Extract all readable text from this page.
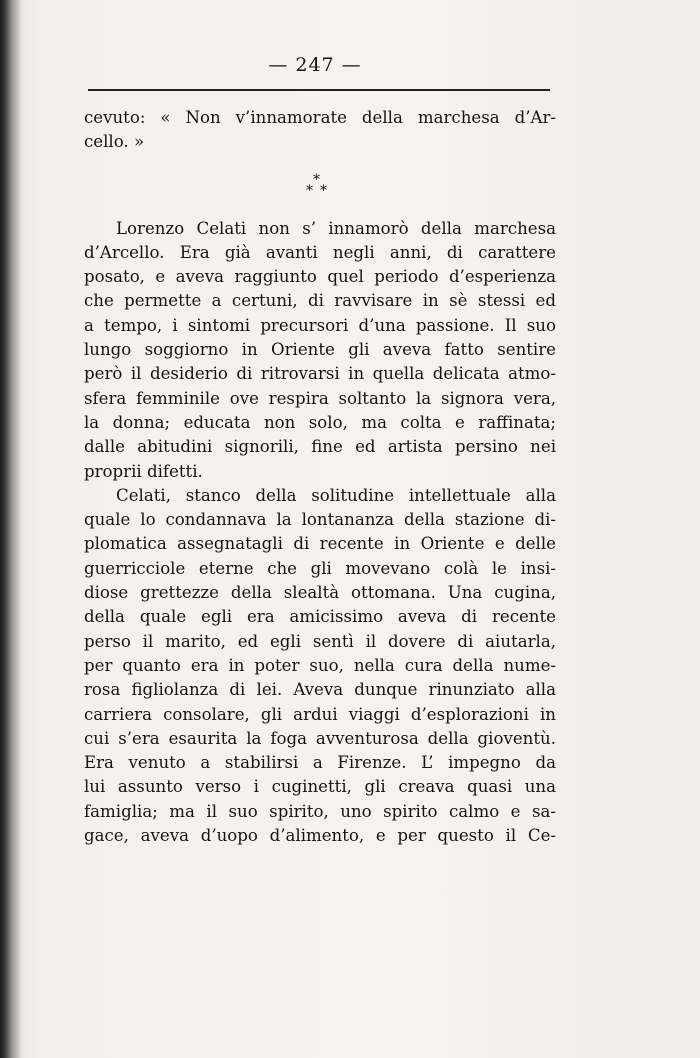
— 247 —
cevuto: « Non v’innamorate della marchesa d’Ar-
cello. »
*
* *
Lorenzo Celati non s’ innamorò della marchesa
d’Arcello. Era già avanti negli anni, di carattere
posato, e aveva raggiunto quel periodo d’esperienza
che permette a certuni, di ravvisare in sè stessi ed
a tempo, i sintomi precursori d’una passione. Il suo
lungo soggiorno in Oriente gli aveva fatto sentire
però il desiderio di ritrovarsi in quella delicata atmo-
sfera femminile ove respira soltanto la signora vera,
la donna; educata non solo, ma colta e raffinata;
dalle abitudini signorili, fine ed artista persino nei
proprii difetti.
Celati, stanco della solitudine intellettuale alla
quale lo condannava la lontananza della stazione di-
plomatica assegnatagli di recente in Oriente e delle
guerricciole eterne che gli movevano colà le insi-
diose grettezze della slealtà ottomana. Una cugina,
della quale egli era amicissimo aveva di recente
perso il marito, ed egli sentì il dovere di aiutarla,
per quanto era in poter suo, nella cura della nume-
rosa figliolanza di lei. Aveva dunque rinunziato alla
carriera consolare, gli ardui viaggi d’esplorazioni in
cui s’era esaurita la foga avventurosa della gioventù.
Era venuto a stabilirsi a Firenze. L’ impegno da
lui assunto verso i cuginetti, gli creava quasi una
famiglia; ma il suo spirito, uno spirito calmo e sa-
gace, aveva d’uopo d’alimento, e per questo il Ce-
